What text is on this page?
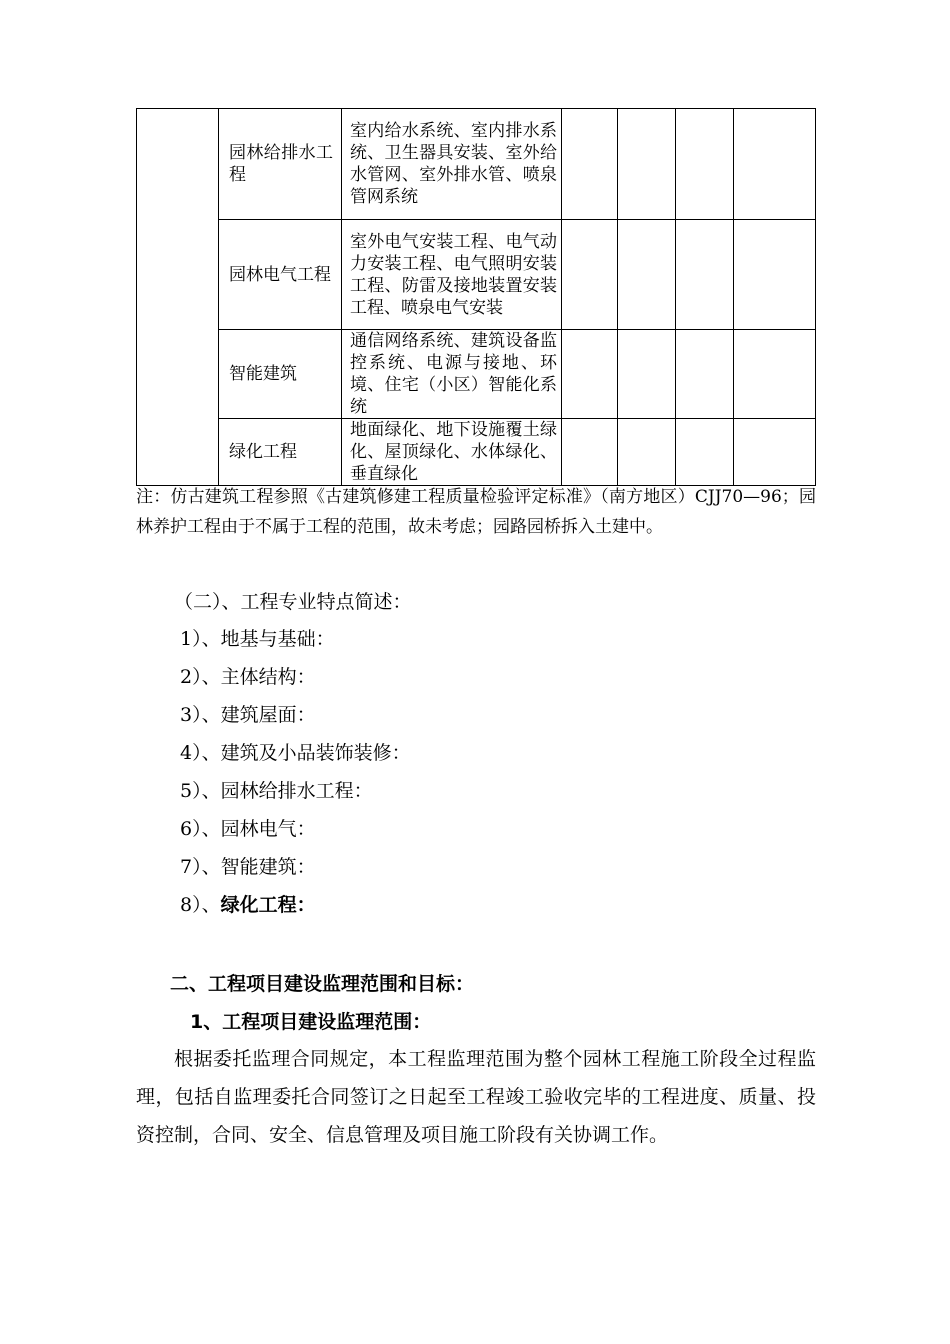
	园林给排水工程	室内给水系统、室内排水系统、卫生器具安装、室外给水管网、室外排水管、喷泉管网系统				
	园林电气工程	室外电气安装工程、电气动力安装工程、电气照明安装工程、防雷及接地装置安装工程、喷泉电气安装				
	智能建筑	通信网络系统、建筑设备监控系统、电源与接地、环境、住宅（小区）智能化系统				
	绿化工程	地面绿化、地下设施覆土绿化、屋顶绿化、水体绿化、垂直绿化				

注：仿古建筑工程参照《古建筑修建工程质量检验评定标准》（南方地区）CJJ70—96；园林养护工程由于不属于工程的范围，故未考虑；园路园桥拆入土建中。

（二）、工程专业特点简述：

1）、地基与基础：

2）、主体结构：

3）、建筑屋面：

4）、建筑及小品装饰装修：

5）、园林给排水工程：

6）、园林电气：

7）、智能建筑：

8）、绿化工程：

二、工程项目建设监理范围和目标：

1、工程项目建设监理范围：

根据委托监理合同规定，本工程监理范围为整个园林工程施工阶段全过程监理，包括自监理委托合同签订之日起至工程竣工验收完毕的工程进度、质量、投资控制，合同、安全、信息管理及项目施工阶段有关协调工作。
